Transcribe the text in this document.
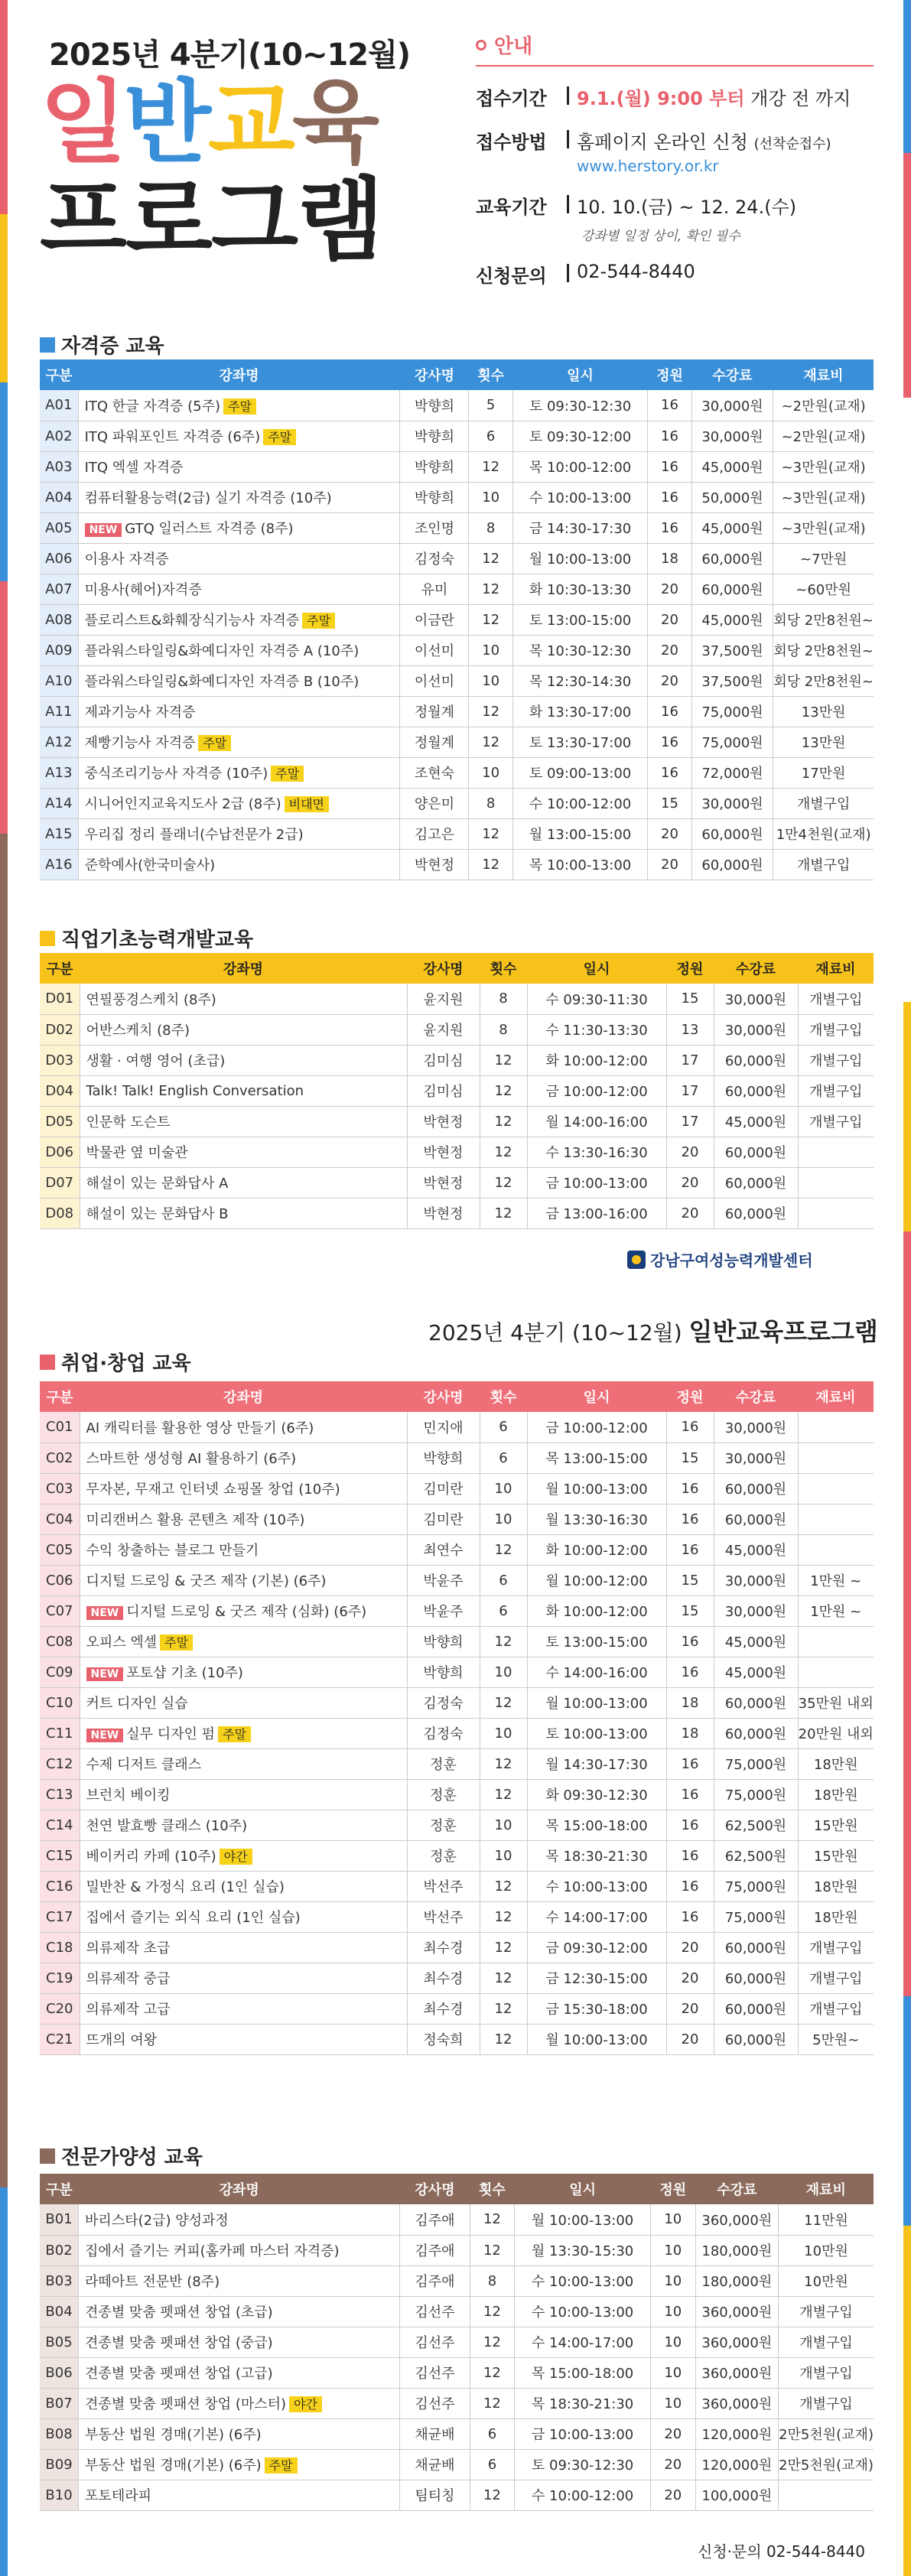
2025년 4분기(10~12월)
일반교육
프로그램
안내
접수기간	9.1.(월) 9:00 부터 개강 전 까지
접수방법	홈페이지 온라인 신청 (선착순접수)
www.herstory.or.kr
교육기간	10. 10.(금) ~ 12. 24.(수)
강좌별 일정 상이, 확인 필수
신청문의	02-544-8440
자격증 교육
구분	강좌명	강사명	횟수	일시	정원	수강료	재료비
A01	ITQ 한글 자격증 (5주) 주말	박향희	5	토 09:30-12:30	16	30,000원	~2만원(교재)
A02	ITQ 파워포인트 자격증 (6주) 주말	박향희	6	토 09:30-12:00	16	30,000원	~2만원(교재)
A03	ITQ 엑셀 자격증	박향희	12	목 10:00-12:00	16	45,000원	~3만원(교재)
A04	컴퓨터활용능력(2급) 실기 자격증 (10주)	박향희	10	수 10:00-13:00	16	50,000원	~3만원(교재)
A05	NEW GTQ 일러스트 자격증 (8주)	조인명	8	금 14:30-17:30	16	45,000원	~3만원(교재)
A06	이용사 자격증	김정숙	12	월 10:00-13:00	18	60,000원	~7만원
A07	미용사(헤어)자격증	유미	12	화 10:30-13:30	20	60,000원	~60만원
A08	플로리스트&화훼장식기능사 자격증 주말	이금란	12	토 13:00-15:00	20	45,000원	회당 2만8천원~
A09	플라워스타일링&화예디자인 자격증 A (10주)	이선미	10	목 10:30-12:30	20	37,500원	회당 2만8천원~
A10	플라워스타일링&화예디자인 자격증 B (10주)	이선미	10	목 12:30-14:30	20	37,500원	회당 2만8천원~
A11	제과기능사 자격증	정월계	12	화 13:30-17:00	16	75,000원	13만원
A12	제빵기능사 자격증 주말	정월계	12	토 13:30-17:00	16	75,000원	13만원
A13	중식조리기능사 자격증 (10주) 주말	조현숙	10	토 09:00-13:00	16	72,000원	17만원
A14	시니어인지교육지도사 2급 (8주) 비대면	양은미	8	수 10:00-12:00	15	30,000원	개별구입
A15	우리집 정리 플래너(수납전문가 2급)	김고은	12	월 13:00-15:00	20	60,000원	1만4천원(교재)
A16	준학예사(한국미술사)	박현정	12	목 10:00-13:00	20	60,000원	개별구입
직업기초능력개발교육
구분	강좌명	강사명	횟수	일시	정원	수강료	재료비
D01	연필풍경스케치 (8주)	윤지원	8	수 09:30-11:30	15	30,000원	개별구입
D02	어반스케치 (8주)	윤지원	8	수 11:30-13:30	13	30,000원	개별구입
D03	생활 · 여행 영어 (초급)	김미심	12	화 10:00-12:00	17	60,000원	개별구입
D04	Talk! Talk! English Conversation	김미심	12	금 10:00-12:00	17	60,000원	개별구입
D05	인문학 도슨트	박현정	12	월 14:00-16:00	17	45,000원	개별구입
D06	박물관 옆 미술관	박현정	12	수 13:30-16:30	20	60,000원	
D07	해설이 있는 문화답사 A	박현정	12	금 10:00-13:00	20	60,000원	
D08	해설이 있는 문화답사 B	박현정	12	금 13:00-16:00	20	60,000원	
강남구여성능력개발센터
2025년 4분기 (10~12월) 일반교육프로그램
취업·창업 교육
구분	강좌명	강사명	횟수	일시	정원	수강료	재료비
C01	AI 캐릭터를 활용한 영상 만들기 (6주)	민지애	6	금 10:00-12:00	16	30,000원	
C02	스마트한 생성형 AI 활용하기 (6주)	박향희	6	목 13:00-15:00	15	30,000원	
C03	무자본, 무재고 인터넷 쇼핑몰 창업 (10주)	김미란	10	월 10:00-13:00	16	60,000원	
C04	미리캔버스 활용 콘텐츠 제작 (10주)	김미란	10	월 13:30-16:30	16	60,000원	
C05	수익 창출하는 블로그 만들기	최연수	12	화 10:00-12:00	16	45,000원	
C06	디지털 드로잉 & 굿즈 제작 (기본) (6주)	박윤주	6	월 10:00-12:00	15	30,000원	1만원 ~
C07	NEW 디지털 드로잉 & 굿즈 제작 (심화) (6주)	박윤주	6	화 10:00-12:00	15	30,000원	1만원 ~
C08	오피스 엑셀 주말	박향희	12	토 13:00-15:00	16	45,000원	
C09	NEW 포토샵 기초 (10주)	박향희	10	수 14:00-16:00	16	45,000원	
C10	커트 디자인 실습	김정숙	12	월 10:00-13:00	18	60,000원	35만원 내외
C11	NEW 실무 디자인 펌 주말	김정숙	10	토 10:00-13:00	18	60,000원	20만원 내외
C12	수제 디저트 클래스	정훈	12	월 14:30-17:30	16	75,000원	18만원
C13	브런치 베이킹	정훈	12	화 09:30-12:30	16	75,000원	18만원
C14	천연 발효빵 클래스 (10주)	정훈	10	목 15:00-18:00	16	62,500원	15만원
C15	베이커리 카페 (10주) 야간	정훈	10	목 18:30-21:30	16	62,500원	15만원
C16	밀반찬 & 가정식 요리 (1인 실습)	박선주	12	수 10:00-13:00	16	75,000원	18만원
C17	집에서 즐기는 외식 요리 (1인 실습)	박선주	12	수 14:00-17:00	16	75,000원	18만원
C18	의류제작 초급	최수경	12	금 09:30-12:00	20	60,000원	개별구입
C19	의류제작 중급	최수경	12	금 12:30-15:00	20	60,000원	개별구입
C20	의류제작 고급	최수경	12	금 15:30-18:00	20	60,000원	개별구입
C21	뜨개의 여왕	정숙희	12	월 10:00-13:00	20	60,000원	5만원~
전문가양성 교육
구분	강좌명	강사명	횟수	일시	정원	수강료	재료비
B01	바리스타(2급) 양성과정	김주애	12	월 10:00-13:00	10	360,000원	11만원
B02	집에서 즐기는 커피(홈카페 마스터 자격증)	김주애	12	월 13:30-15:30	10	180,000원	10만원
B03	라떼아트 전문반 (8주)	김주애	8	수 10:00-13:00	10	180,000원	10만원
B04	견종별 맞춤 펫패션 창업 (초급)	김선주	12	수 10:00-13:00	10	360,000원	개별구입
B05	견종별 맞춤 펫패션 창업 (중급)	김선주	12	수 14:00-17:00	10	360,000원	개별구입
B06	견종별 맞춤 펫패션 창업 (고급)	김선주	12	목 15:00-18:00	10	360,000원	개별구입
B07	견종별 맞춤 펫패션 창업 (마스터) 야간	김선주	12	목 18:30-21:30	10	360,000원	개별구입
B08	부동산 법원 경매(기본) (6주)	채균배	6	금 10:00-13:00	20	120,000원	2만5천원(교재)
B09	부동산 법원 경매(기본) (6주) 주말	채균배	6	토 09:30-12:30	20	120,000원	2만5천원(교재)
B10	포토테라피	팀티칭	12	수 10:00-12:00	20	100,000원	
신청·문의 02-544-8440
